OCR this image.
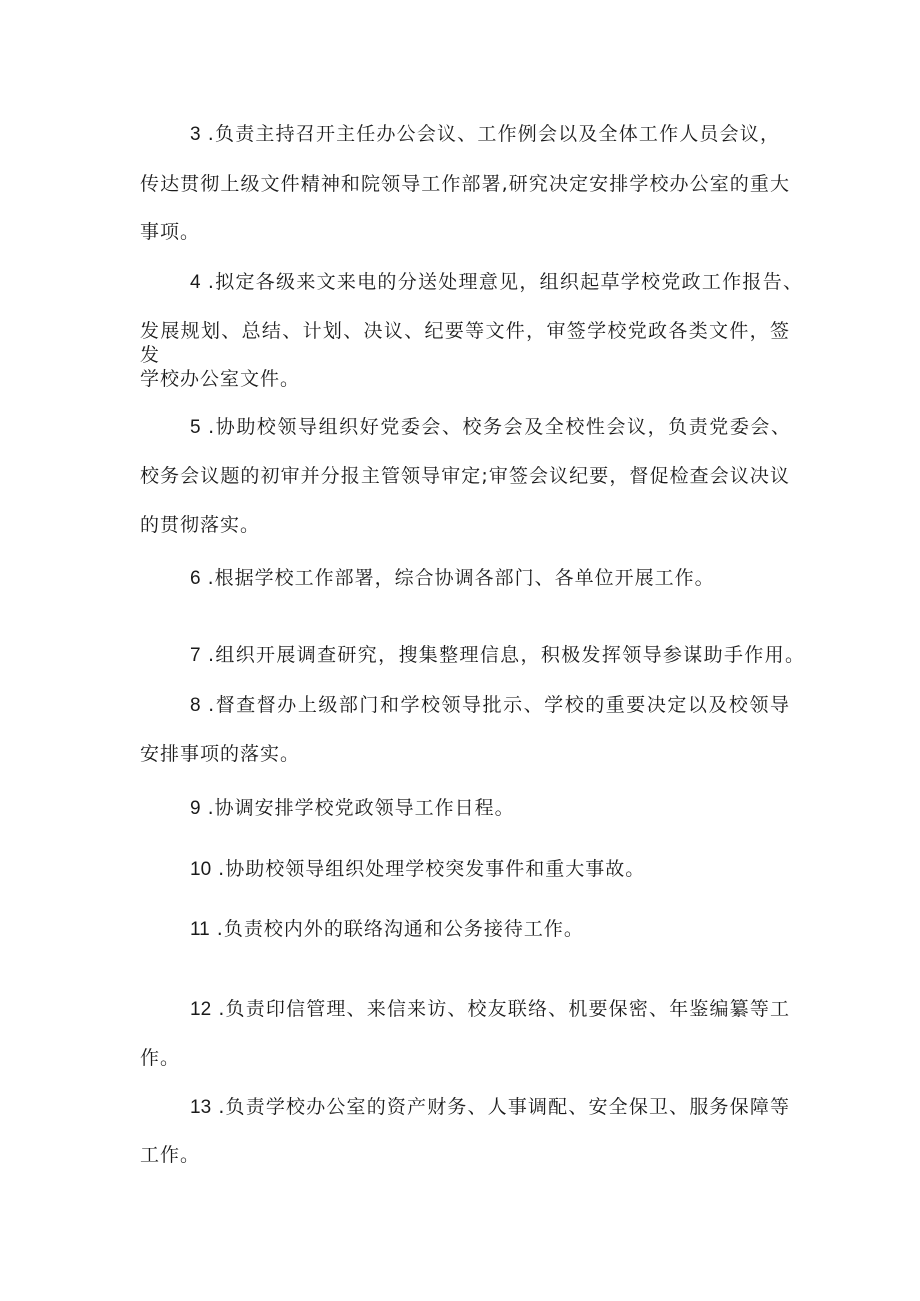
3 .负责主持召开主任办公会议、工作例会以及全体工作人员会议，
传达贯彻上级文件精神和院领导工作部署,研究决定安排学校办公室的重大
事项。
4 .拟定各级来文来电的分送处理意见，组织起草学校党政工作报告、
发展规划、总结、计划、决议、纪要等文件，审签学校党政各类文件，签发
学校办公室文件。
5 .协助校领导组织好党委会、校务会及全校性会议，负责党委会、
校务会议题的初审并分报主管领导审定;审签会议纪要，督促检查会议决议
的贯彻落实。
6 .根据学校工作部署，综合协调各部门、各单位开展工作。
7 .组织开展调查研究，搜集整理信息，积极发挥领导参谋助手作用。
8 .督查督办上级部门和学校领导批示、学校的重要决定以及校领导
安排事项的落实。
9 .协调安排学校党政领导工作日程。
10 .协助校领导组织处理学校突发事件和重大事故。
11 .负责校内外的联络沟通和公务接待工作。
12 .负责印信管理、来信来访、校友联络、机要保密、年鉴编纂等工
作。
13 .负责学校办公室的资产财务、人事调配、安全保卫、服务保障等
工作。
